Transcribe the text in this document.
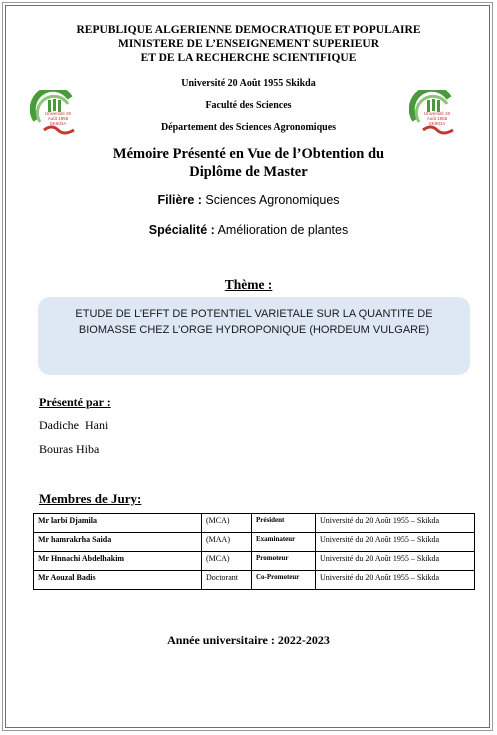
REPUBLIQUE ALGERIENNE DEMOCRATIQUE ET POPULAIRE
MINISTERE DE L’ENSEIGNEMENT SUPERIEUR
ET DE LA RECHERCHE SCIENTIFIQUE
Université 20 Août 1955 Skikda
Faculté des Sciences
Département des Sciences Agronomiques
Université 20 Août 1955
SKIKDA
Université 20 Août 1955
SKIKDA
Mémoire Présenté en Vue de l’Obtention du
Diplôme de Master
Filière : Sciences Agronomiques
Spécialité : Amélioration de plantes
Thème :
ETUDE DE L’EFFT DE POTENTIEL VARIETALE SUR LA QUANTITE DE BIOMASSE CHEZ L’ORGE HYDROPONIQUE (HORDEUM VULGARE)
Présenté par :
Dadiche  Hani
Bouras Hiba
Membres de Jury:
Mr larbi Djamila	(MCA)	Président	Université du 20 Août 1955 – Skikda
Mr hamrakrha Saida	(MAA)	Examinateur	Université du 20 Août 1955 – Skikda
Mr Hnnachi Abdelhakim	(MCA)	Promoteur	Université du 20 Août 1955 – Skikda
Mr Aouzal Badis	Doctorant	Co-Promoteur	Université du 20 Août 1955 – Skikda
Année universitaire : 2022-2023
